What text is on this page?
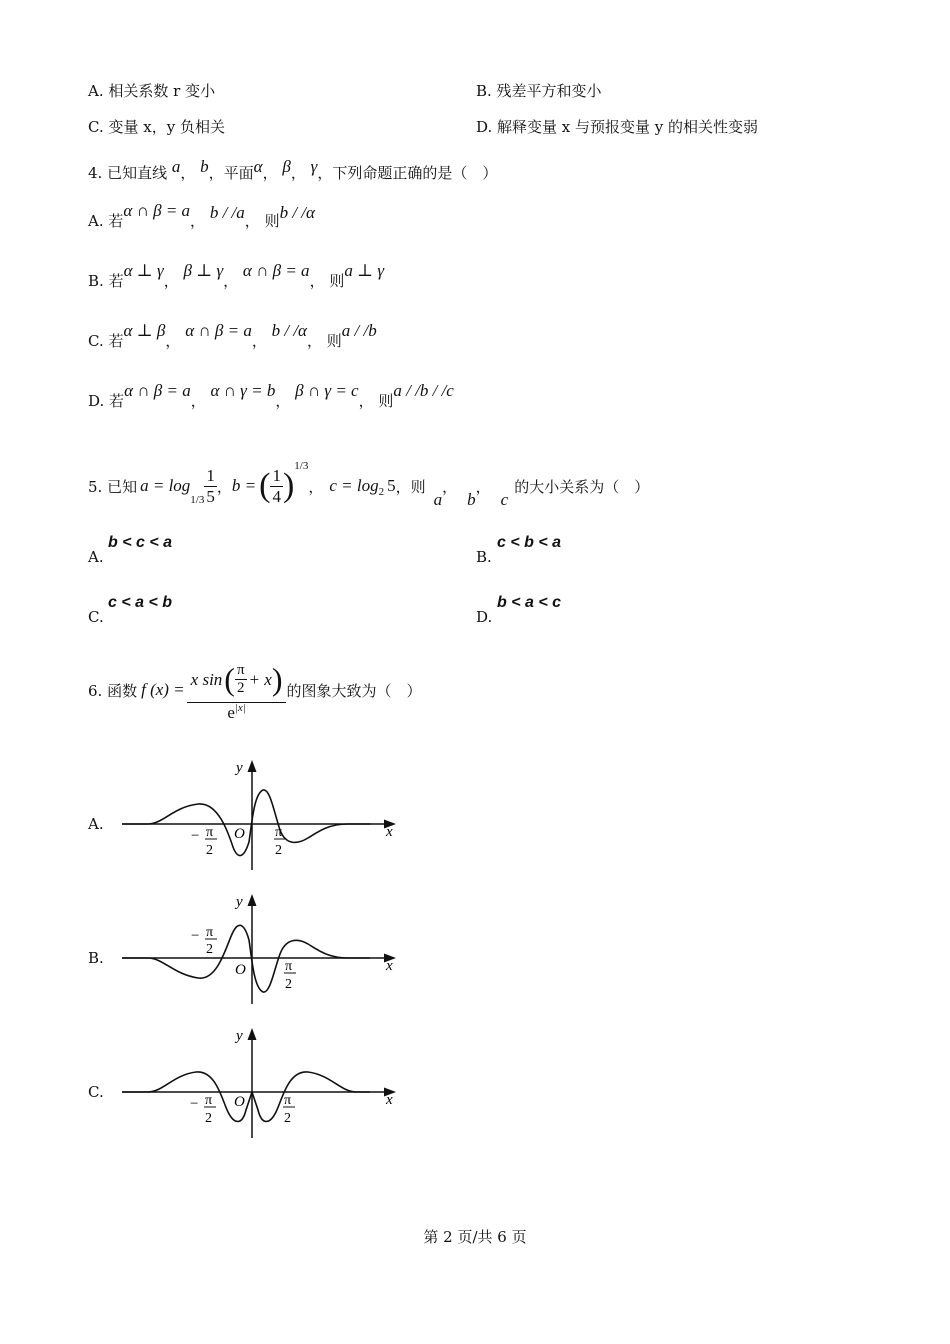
A. 相关系数 r 变小	B. 残差平方和变小
C. 变量 x，y 负相关	D. 解释变量 x 与预报变量 y 的相关性变弱
4. 已知直线 a， b，平面α， β， γ，下列命题正确的是（　）
A. 若α ∩ β = a， b / /a， 则b / /α
B. 若α ⊥ γ， β ⊥ γ， α ∩ β = a， 则a ⊥ γ
C. 若α ⊥ β， α ∩ β = a， b / /α， 则a / /b
D. 若α ∩ β = a， α ∩ γ = b， β ∩ γ = c， 则a / /b / /c
5. 已知 a = log
$1/3 \frac{1}{5}$ ， b = ( $\frac{1}{4}$ )
1/3
， c = log 2 5 ，则
a
，
b
，
c
的大小关系为（　）
A.
b < c < a
B.
c < b < a
C.
c < a < b
D.
b < a < c
6. 函数 f $(x) = \frac{x \sin ( \frac{\pi}{2} + x )}{e^{|x|}}$ 的图象大致为（　）
A.
B.
C.
y
x
O
− π
2
π
2
y
x
O
− π
2
π
2
y
x
O
− π
2
π
2
第 2 页/共 6 页
